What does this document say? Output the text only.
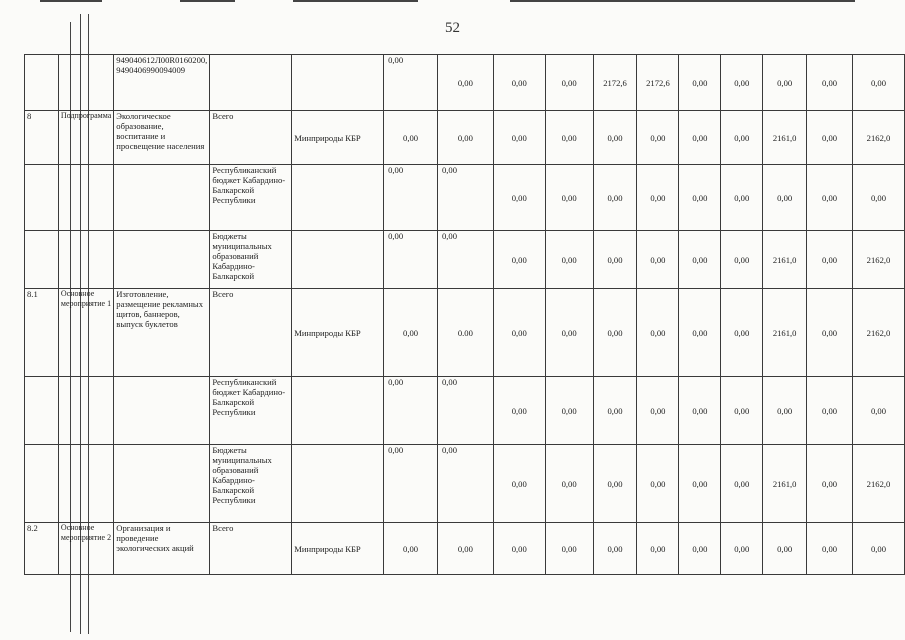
52
		949040612Л00R0160200, 9490406990094009			0,00	0,00	0,00	0,00	2172,6	2172,6	0,00	0,00	0,00	0,00	0,00
8	Подпрограмма	Экологическое образование, воспитание и просвещение населения	Всего	Минприроды КБР	0,00	0,00	0,00	0,00	0,00	0,00	0,00	0,00	2161,0	0,00	2162,0
			Республиканский бюджет Кабардино-Балкарской Республики		0,00	0,00	0,00	0,00	0,00	0,00	0,00	0,00	0,00	0,00	0,00
			Бюджеты муниципальных образований Кабардино-Балкарской		0,00	0,00	0,00	0,00	0,00	0,00	0,00	0,00	2161,0	0,00	2162,0
8.1	Основное мероприятие 1	Изготовление, размещение рекламных щитов, баннеров, выпуск буклетов	Всего	Минприроды КБР	0,00	0.00	0,00	0,00	0,00	0,00	0,00	0,00	2161,0	0,00	2162,0
			Республиканский бюджет Кабардино-Балкарской Республики		0,00	0,00	0,00	0,00	0,00	0,00	0,00	0,00	0,00	0,00	0,00
			Бюджеты муниципальных образований Кабардино-Балкарской Республики		0,00	0,00	0,00	0,00	0,00	0,00	0,00	0,00	2161,0	0,00	2162,0
8.2	Основное мероприятие 2	Организация и проведение экологических акций	Всего	Минприроды КБР	0,00	0,00	0,00	0,00	0,00	0,00	0,00	0,00	0,00	0,00	0,00
